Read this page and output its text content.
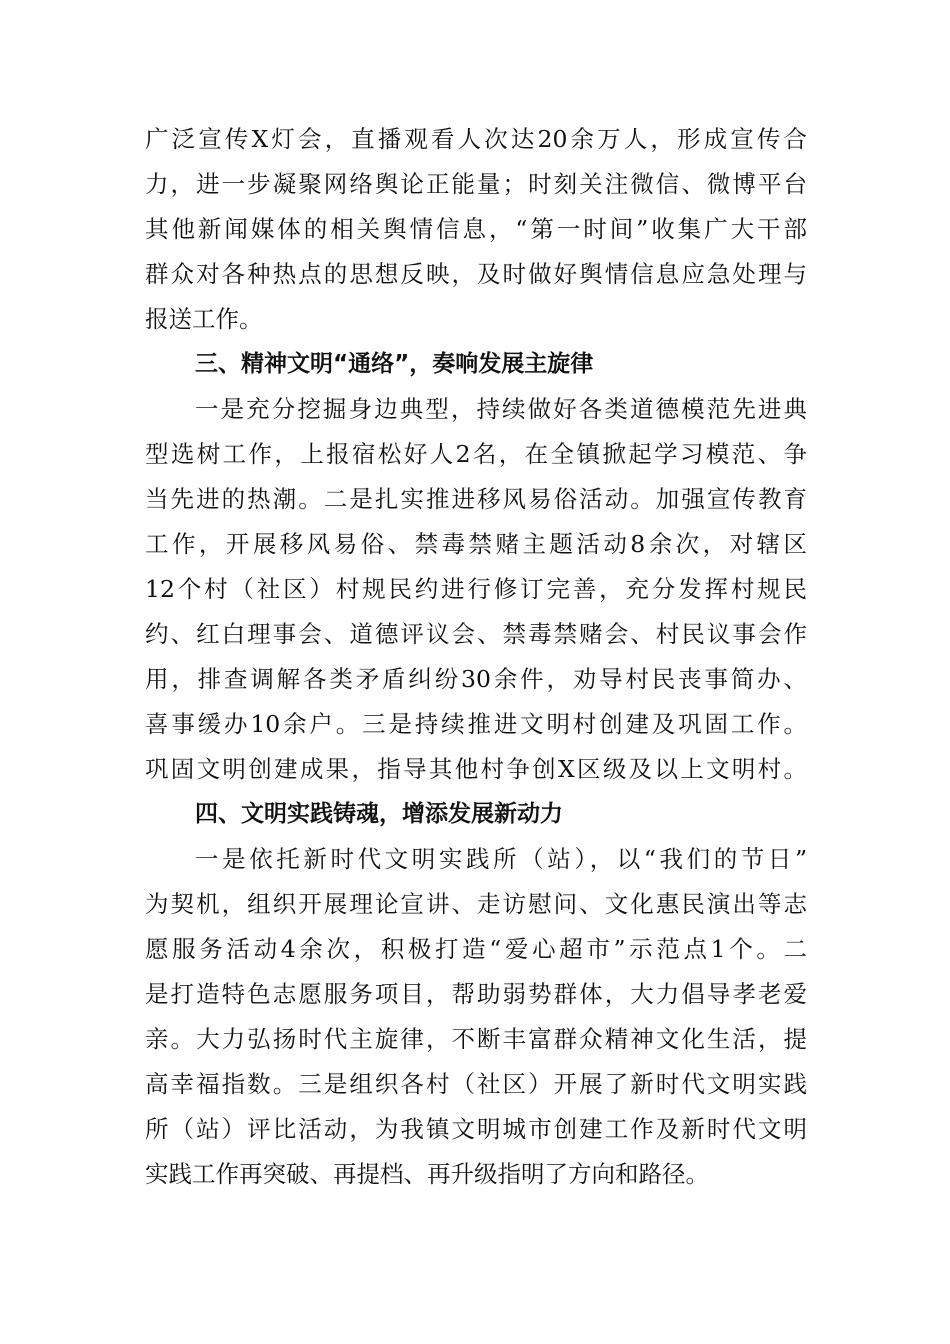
广泛宣传X灯会，直播观看人次达20余万人，形成宣传合
力，进一步凝聚网络舆论正能量；时刻关注微信、微博平台
其他新闻媒体的相关舆情信息，“第一时间”收集广大干部
群众对各种热点的思想反映，及时做好舆情信息应急处理与
报送工作。
三、精神文明“通络”，奏响发展主旋律
一是充分挖掘身边典型，持续做好各类道德模范先进典
型选树工作，上报宿松好人2名，在全镇掀起学习模范、争
当先进的热潮。二是扎实推进移风易俗活动。加强宣传教育
工作，开展移风易俗、禁毒禁赌主题活动8余次，对辖区
12个村（社区）村规民约进行修订完善，充分发挥村规民
约、红白理事会、道德评议会、禁毒禁赌会、村民议事会作
用，排查调解各类矛盾纠纷30余件，劝导村民丧事简办、
喜事缓办10余户。三是持续推进文明村创建及巩固工作。
巩固文明创建成果，指导其他村争创X区级及以上文明村。
四、文明实践铸魂，增添发展新动力
一是依托新时代文明实践所（站），以“我们的节日”
为契机，组织开展理论宣讲、走访慰问、文化惠民演出等志
愿服务活动4余次，积极打造“爱心超市”示范点1个。二
是打造特色志愿服务项目，帮助弱势群体，大力倡导孝老爱
亲。大力弘扬时代主旋律，不断丰富群众精神文化生活，提
高幸福指数。三是组织各村（社区）开展了新时代文明实践
所（站）评比活动，为我镇文明城市创建工作及新时代文明
实践工作再突破、再提档、再升级指明了方向和路径。
